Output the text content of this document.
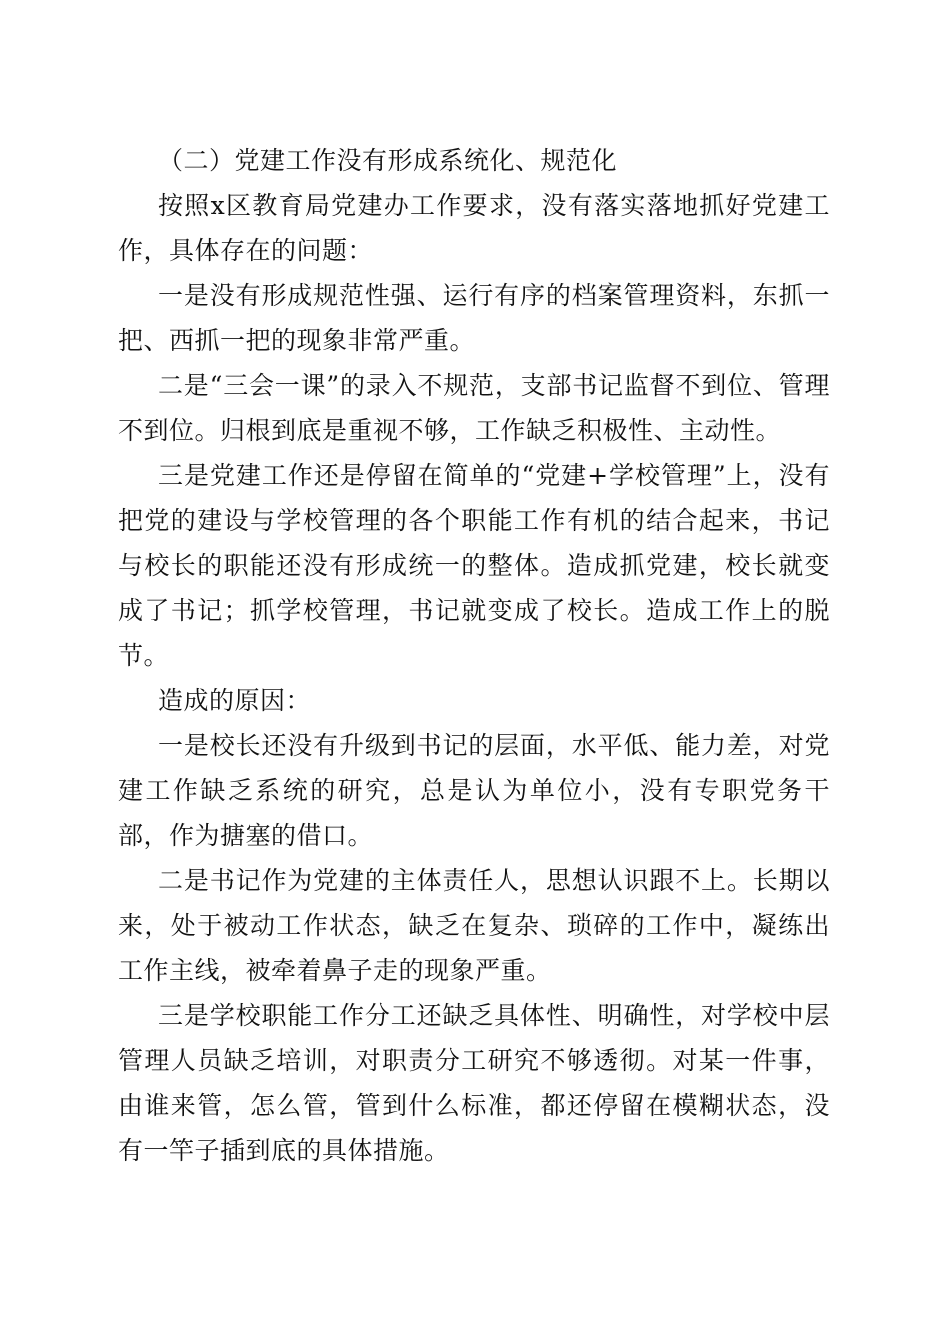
（二）党建工作没有形成系统化、规范化

按照x区教育局党建办工作要求，没有落实落地抓好党建工作，具体存在的问题：

一是没有形成规范性强、运行有序的档案管理资料，东抓一把、西抓一把的现象非常严重。

二是“三会一课”的录入不规范，支部书记监督不到位、管理不到位。归根到底是重视不够，工作缺乏积极性、主动性。

三是党建工作还是停留在简单的“党建+学校管理”上，没有把党的建设与学校管理的各个职能工作有机的结合起来，书记与校长的职能还没有形成统一的整体。造成抓党建，校长就变成了书记；抓学校管理，书记就变成了校长。造成工作上的脱节。

造成的原因：

一是校长还没有升级到书记的层面，水平低、能力差，对党建工作缺乏系统的研究，总是认为单位小，没有专职党务干部，作为搪塞的借口。

二是书记作为党建的主体责任人，思想认识跟不上。长期以来，处于被动工作状态，缺乏在复杂、琐碎的工作中，凝练出工作主线，被牵着鼻子走的现象严重。

三是学校职能工作分工还缺乏具体性、明确性，对学校中层管理人员缺乏培训，对职责分工研究不够透彻。对某一件事，由谁来管，怎么管，管到什么标准，都还停留在模糊状态，没有一竿子插到底的具体措施。
